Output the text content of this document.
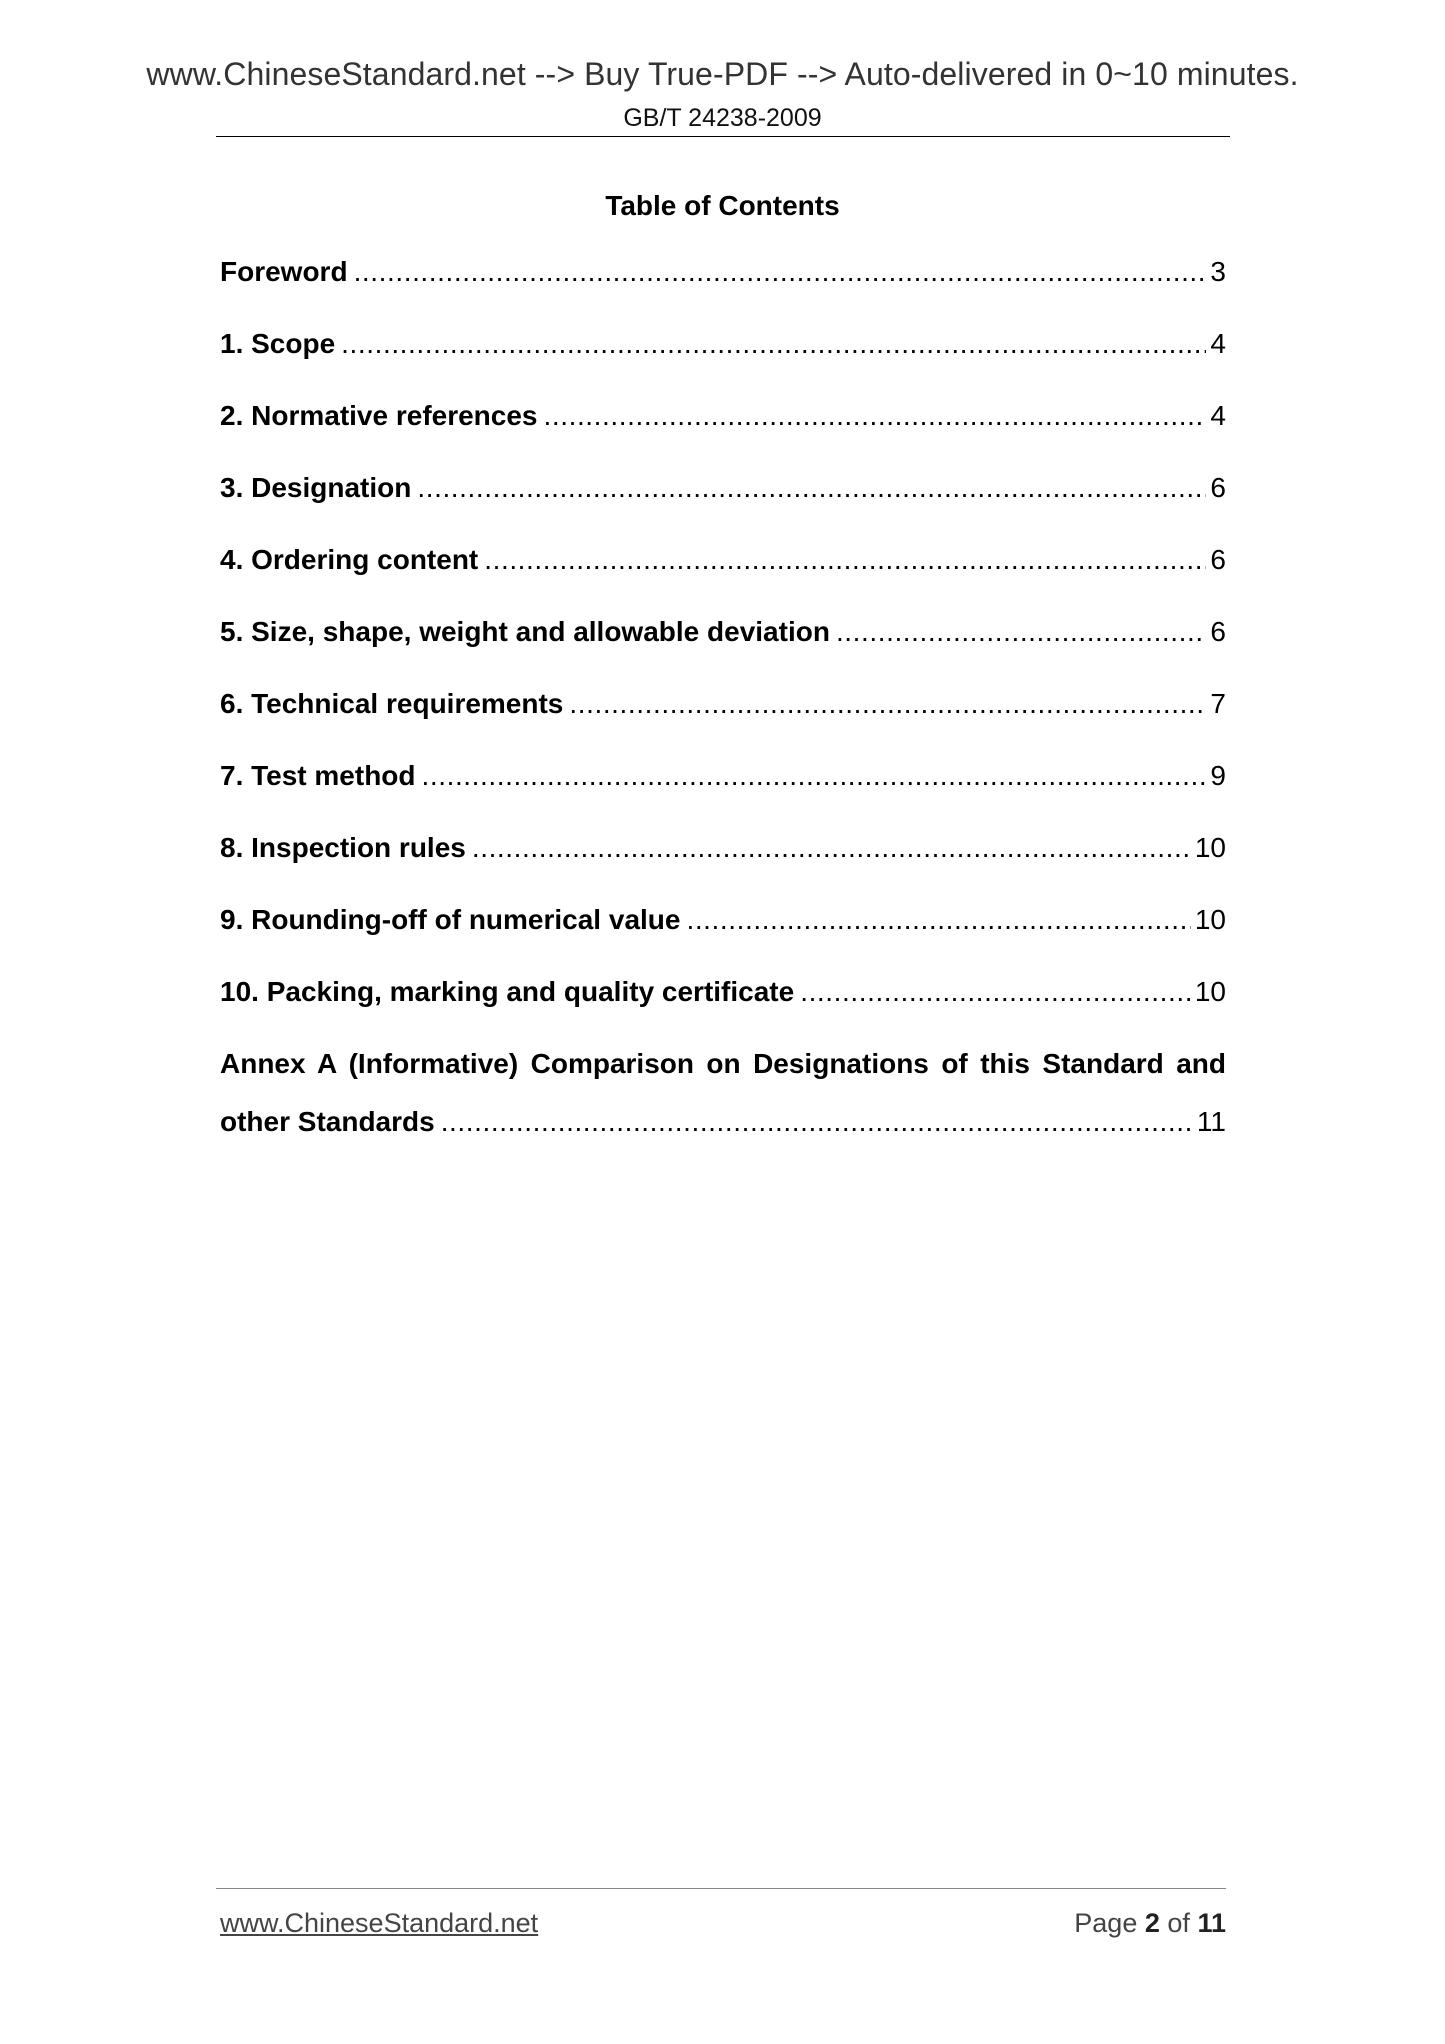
www.ChineseStandard.net --> Buy True-PDF --> Auto-delivered in 0~10 minutes.
GB/T 24238-2009
Table of Contents
Foreword . . .	3
1. Scope . . .	4
2. Normative references . . .	4
3. Designation . . .	6
4. Ordering content . . .	6
5. Size, shape, weight and allowable deviation . . .	6
6. Technical requirements . . .	7
7. Test method . . .	9
8. Inspection rules . . .	10
9. Rounding-off of numerical value . . .	10
10. Packing, marking and quality certificate . . .	10
Annex A (Informative) Comparison on Designations of this Standard and
other Standards . . .	11
www.ChineseStandard.net	Page 2 of 11
